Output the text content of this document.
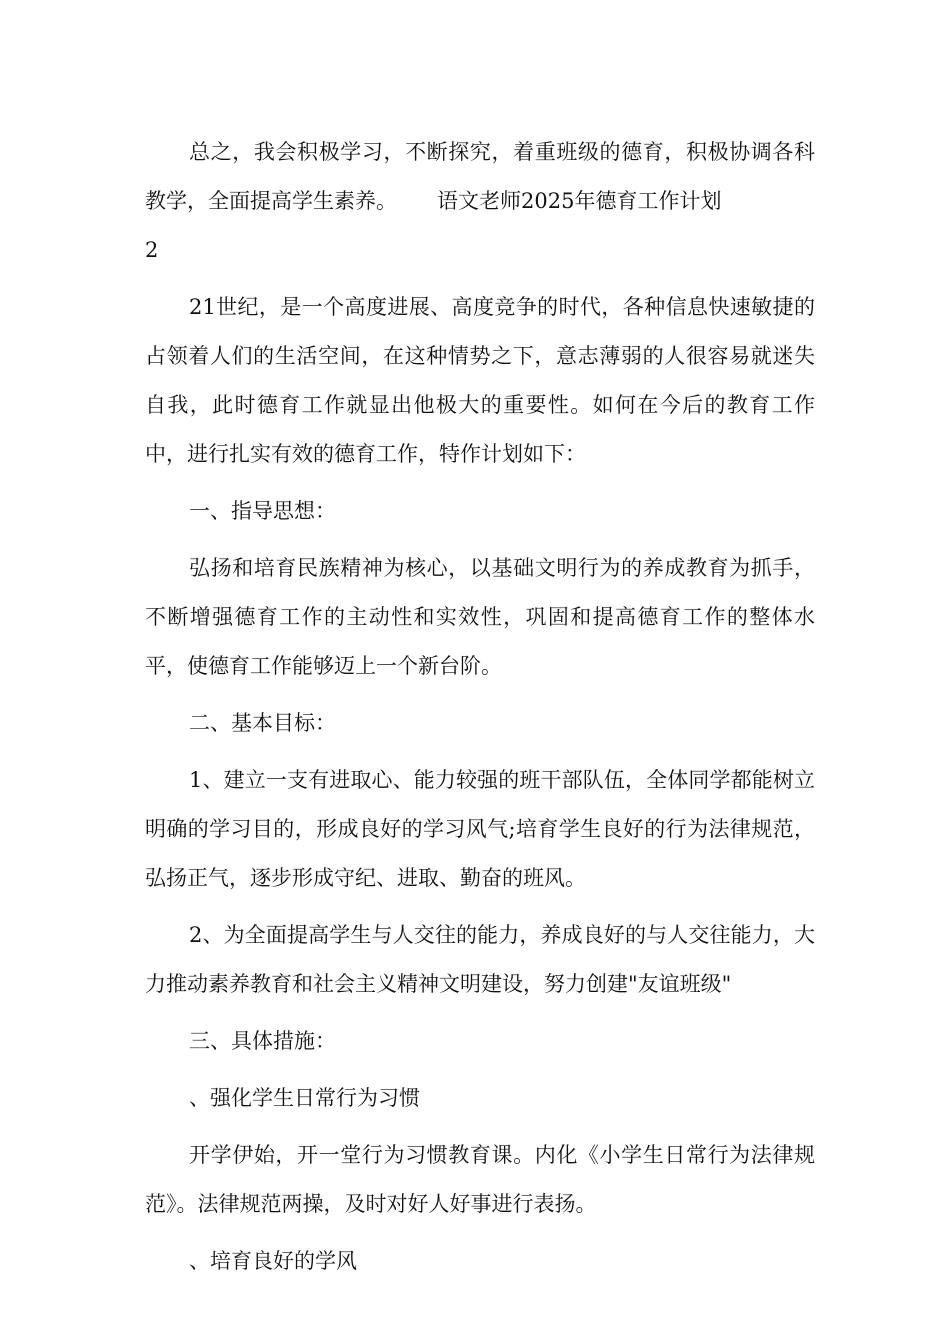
总之，我会积极学习，不断探究，着重班级的德育，积极协调各科教学，全面提高学生素养。 语文老师2025年德育工作计划

2

21世纪，是一个高度进展、高度竞争的时代，各种信息快速敏捷的占领着人们的生活空间，在这种情势之下，意志薄弱的人很容易就迷失自我，此时德育工作就显出他极大的重要性。如何在今后的教育工作中，进行扎实有效的德育工作，特作计划如下：

一、指导思想：

弘扬和培育民族精神为核心，以基础文明行为的养成教育为抓手，不断增强德育工作的主动性和实效性，巩固和提高德育工作的整体水平，使德育工作能够迈上一个新台阶。

二、基本目标：

1、建立一支有进取心、能力较强的班干部队伍，全体同学都能树立明确的学习目的，形成良好的学习风气;培育学生良好的行为法律规范，弘扬正气，逐步形成守纪、进取、勤奋的班风。

2、为全面提高学生与人交往的能力，养成良好的与人交往能力，大力推动素养教育和社会主义精神文明建设，努力创建"友谊班级"

三、具体措施：

、强化学生日常行为习惯

开学伊始，开一堂行为习惯教育课。内化《小学生日常行为法律规范》。法律规范两操，及时对好人好事进行表扬。

、培育良好的学风
